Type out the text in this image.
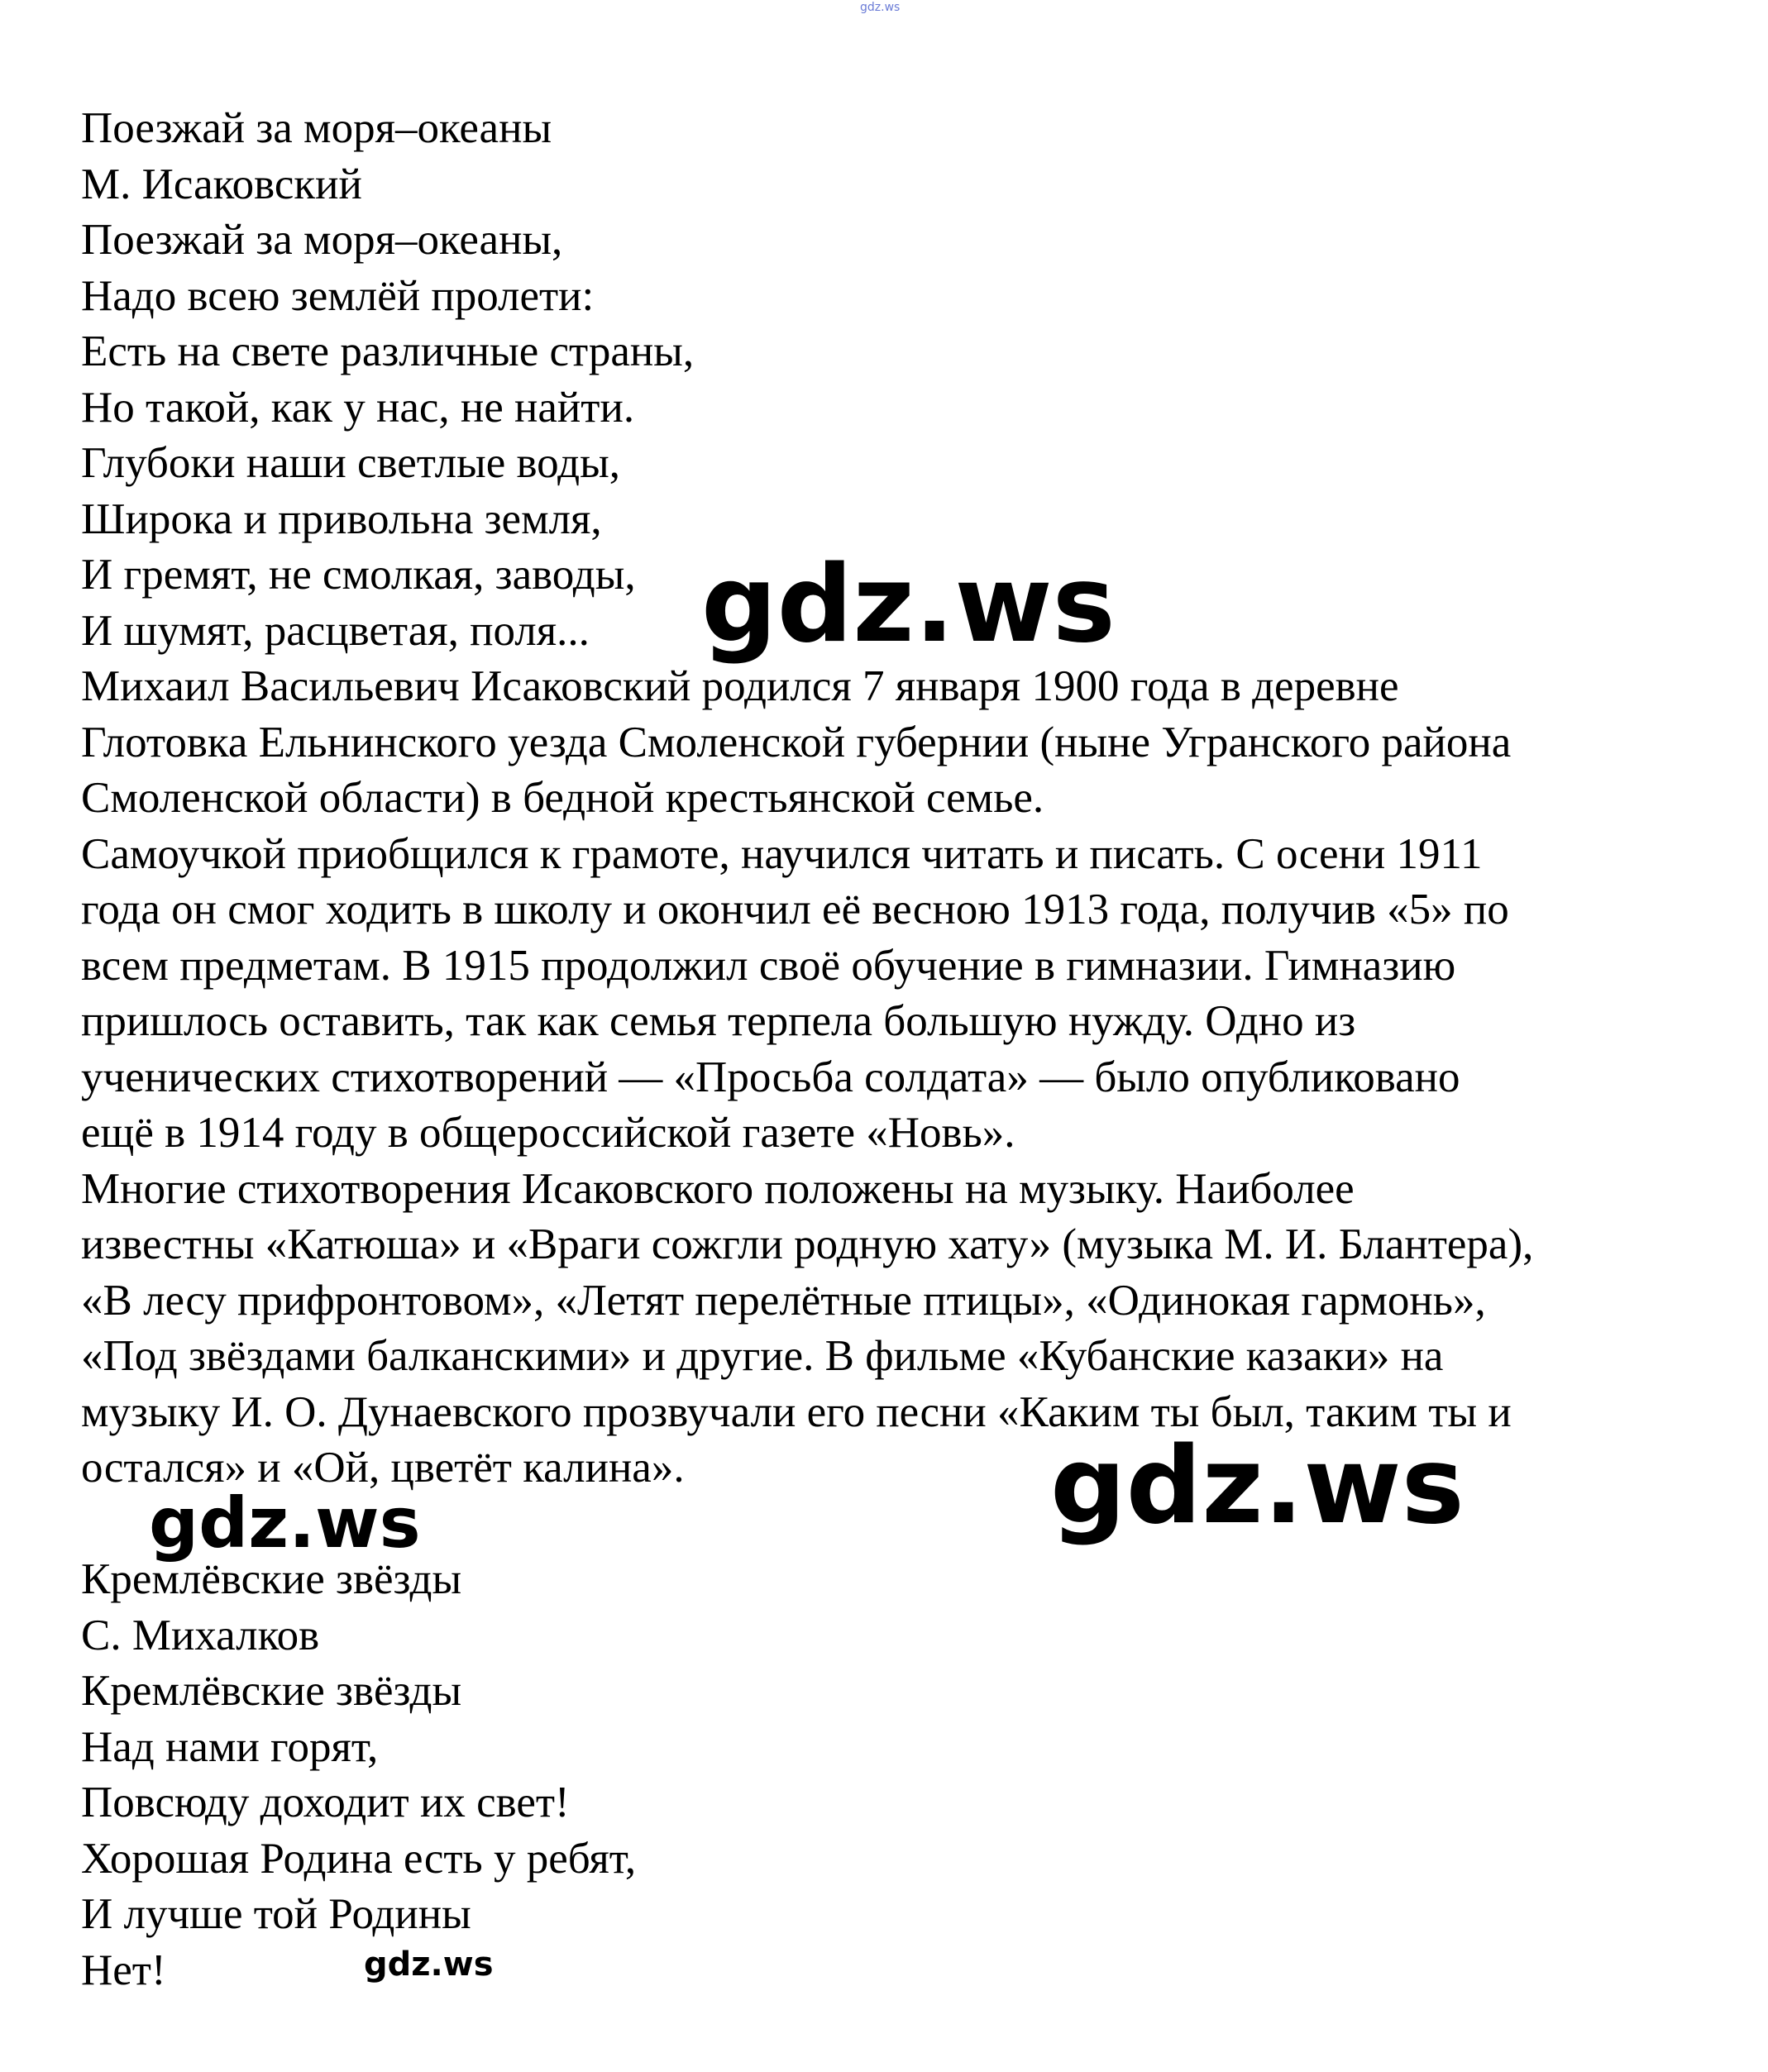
gdz.ws
Поезжай за моря–океаны
М. Исаковский
Поезжай за моря–океаны,
Надо всею землёй пролети:
Есть на свете различные страны,
Но такой, как у нас, не найти.
Глубоки наши светлые воды,
Широка и привольна земля,
И гремят, не смолкая, заводы,
И шумят, расцветая, поля...
Михаил Васильевич Исаковский родился 7 января 1900 года в деревне
Глотовка Ельнинского уезда Смоленской губернии (ныне Угранского района
Смоленской области) в бедной крестьянской семье.
Самоучкой приобщился к грамоте, научился читать и писать. С осени 1911
года он смог ходить в школу и окончил её весною 1913 года, получив «5» по
всем предметам. В 1915 продолжил своё обучение в гимназии. Гимназию
пришлось оставить, так как семья терпела большую нужду. Одно из
ученических стихотворений — «Просьба солдата» — было опубликовано
ещё в 1914 году в общероссийской газете «Новь».
Многие стихотворения Исаковского положены на музыку. Наиболее
известны «Катюша» и «Враги сожгли родную хату» (музыка М. И. Блантера),
«В лесу прифронтовом», «Летят перелётные птицы», «Одинокая гармонь»,
«Под звёздами балканскими» и другие. В фильме «Кубанские казаки» на
музыку И. О. Дунаевского прозвучали его песни «Каким ты был, таким ты и
остался» и «Ой, цветёт калина».
Кремлёвские звёзды
С. Михалков
Кремлёвские звёзды
Над нами горят,
Повсюду доходит их свет!
Хорошая Родина есть у ребят,
И лучше той Родины
Нет!
gdz.ws
gdz.ws
gdz.ws
gdz.ws
